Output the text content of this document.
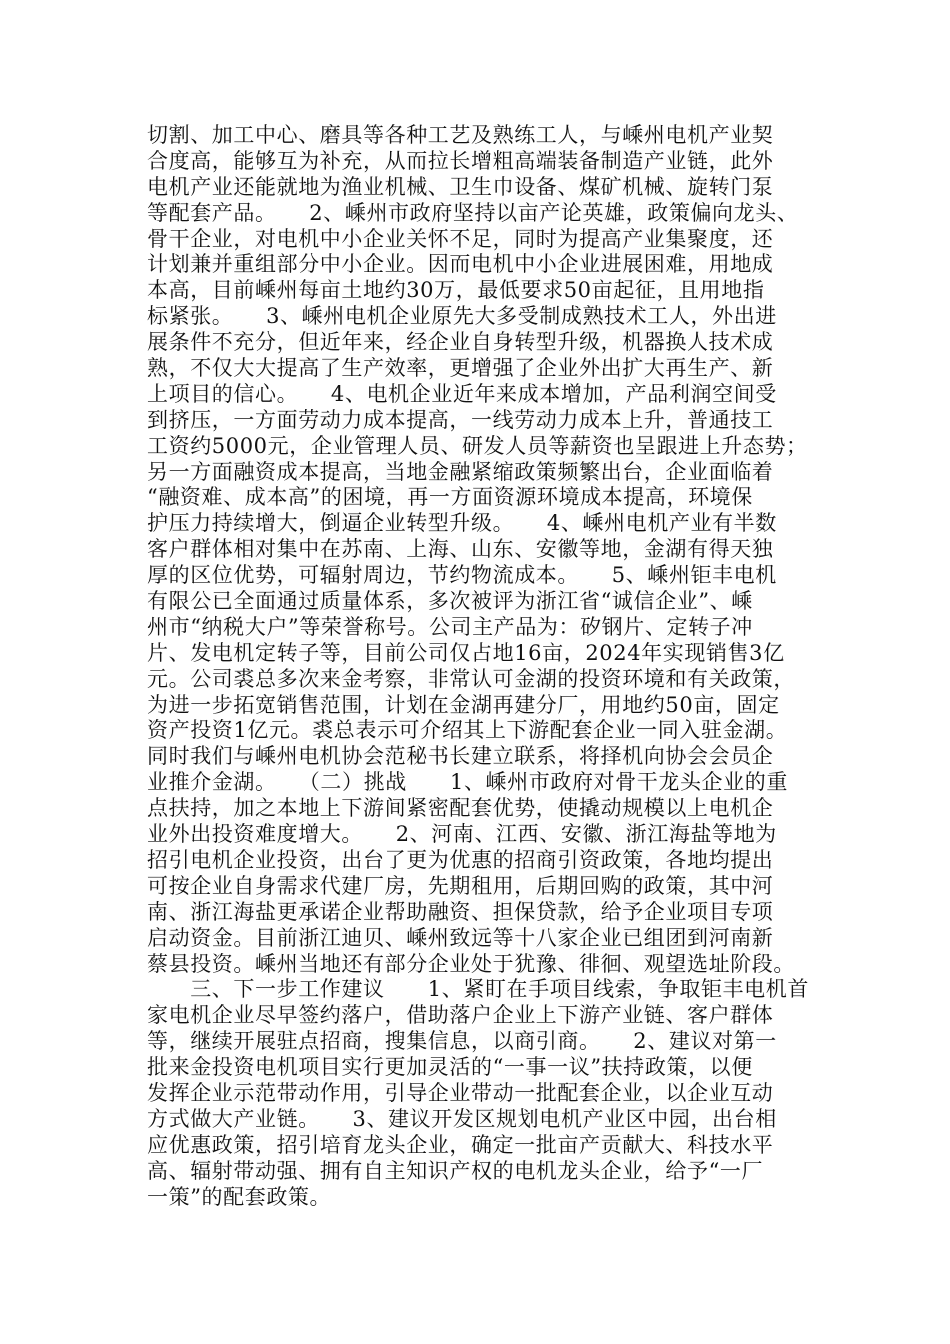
切割、加工中心、磨具等各种工艺及熟练工人，与嵊州电机产业契
合度高，能够互为补充，从而拉长增粗高端装备制造产业链，此外
电机产业还能就地为渔业机械、卫生巾设备、煤矿机械、旋转门泵
等配套产品。　　2、嵊州市政府坚持以亩产论英雄，政策偏向龙头、
骨干企业，对电机中小企业关怀不足，同时为提高产业集聚度，还
计划兼并重组部分中小企业。因而电机中小企业进展困难，用地成
本高，目前嵊州每亩土地约30万，最低要求50亩起征，且用地指
标紧张。　　3、嵊州电机企业原先大多受制成熟技术工人，外出进
展条件不充分，但近年来，经企业自身转型升级，机器换人技术成
熟，不仅大大提高了生产效率，更增强了企业外出扩大再生产、新
上项目的信心。　　4、电机企业近年来成本增加，产品利润空间受
到挤压，一方面劳动力成本提高，一线劳动力成本上升，普通技工
工资约5000元，企业管理人员、研发人员等薪资也呈跟进上升态势；
另一方面融资成本提高，当地金融紧缩政策频繁出台，企业面临着
“融资难、成本高”的困境，再一方面资源环境成本提高，环境保
护压力持续增大，倒逼企业转型升级。　　4、嵊州电机产业有半数
客户群体相对集中在苏南、上海、山东、安徽等地，金湖有得天独
厚的区位优势，可辐射周边，节约物流成本。　　5、嵊州钜丰电机
有限公已全面通过质量体系，多次被评为浙江省“诚信企业”、嵊
州市“纳税大户”等荣誉称号。公司主产品为：矽钢片、定转子冲
片、发电机定转子等，目前公司仅占地16亩，2024年实现销售3亿
元。公司裘总多次来金考察，非常认可金湖的投资环境和有关政策，
为进一步拓宽销售范围，计划在金湖再建分厂，用地约50亩，固定
资产投资1亿元。裘总表示可介绍其上下游配套企业一同入驻金湖。
同时我们与嵊州电机协会范秘书长建立联系，将择机向协会会员企
业推介金湖。　　（二）挑战　　1、嵊州市政府对骨干龙头企业的重
点扶持，加之本地上下游间紧密配套优势，使撬动规模以上电机企
业外出投资难度增大。　　2、河南、江西、安徽、浙江海盐等地为
招引电机企业投资，出台了更为优惠的招商引资政策，各地均提出
可按企业自身需求代建厂房，先期租用，后期回购的政策，其中河
南、浙江海盐更承诺企业帮助融资、担保贷款，给予企业项目专项
启动资金。目前浙江迪贝、嵊州致远等十八家企业已组团到河南新
蔡县投资。嵊州当地还有部分企业处于犹豫、徘徊、观望选址阶段。
　　三、下一步工作建议　　1、紧盯在手项目线索，争取钜丰电机首
家电机企业尽早签约落户，借助落户企业上下游产业链、客户群体
等，继续开展驻点招商，搜集信息，以商引商。　　2、建议对第一
批来金投资电机项目实行更加灵活的“一事一议”扶持政策，以便
发挥企业示范带动作用，引导企业带动一批配套企业，以企业互动
方式做大产业链。　　3、建议开发区规划电机产业区中园，出台相
应优惠政策，招引培育龙头企业，确定一批亩产贡献大、科技水平
高、辐射带动强、拥有自主知识产权的电机龙头企业，给予“一厂
一策”的配套政策。
